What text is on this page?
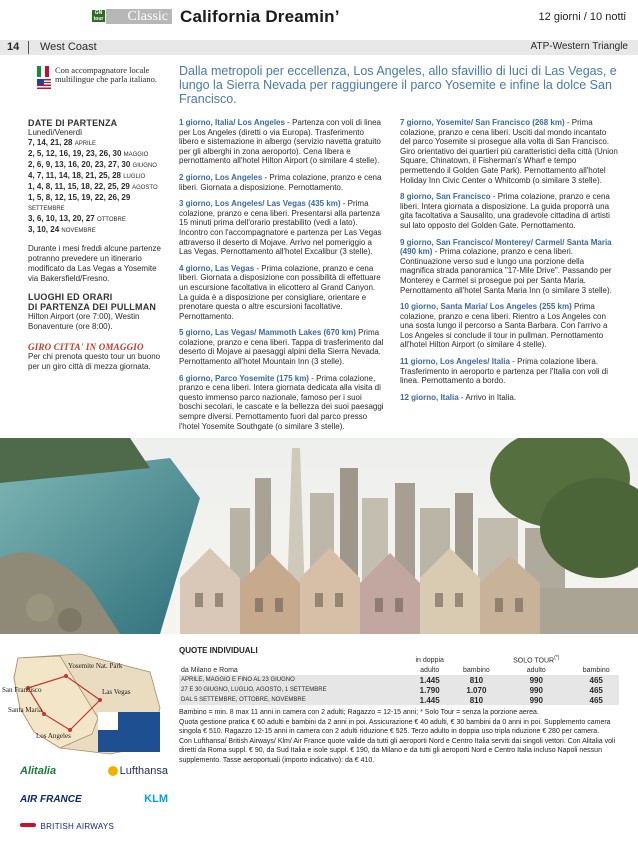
GN tour	Classic California Dreamin’	12 giorni / 10 notti
14 West Coast	ATP-Western Triangle
Con accompagnatore locale multilingue che parla italiano.
Dalla metropoli per eccellenza, Los Angeles, allo sfavillio di luci di Las Vegas, e lungo la Sierra Nevada per raggiungere il parco Yosemite e infine la dolce San Francisco.
DATE DI PARTENZA
Lunedì/Venerdì

7, 14, 21, 28 APRILE

2, 5, 12, 16, 19, 23, 26, 30 MAGGIO

2, 6, 9, 13, 16, 20, 23, 27, 30 GIUGNO

4, 7, 11, 14, 18, 21, 25, 28 LUGLIO

1, 4, 8, 11, 15, 18, 22, 25, 29 AGOSTO

1, 5, 8, 12, 15, 19, 22, 26, 29 SETTEMBRE

3, 6, 10, 13, 20, 27 OTTOBRE

3, 10, 24 NOVEMBRE

Durante i mesi freddi alcune partenze potranno prevedere un itinerario modificato da Las Vegas a Yosemite via Bakersfield/Fresno.
LUOGHI ED ORARI
DI PARTENZA DEI PULLMAN
Hilton Airport (ore 7:00), Westin Bonaventure (ore 8:00).
GIRO CITTA' IN OMAGGIO
Per chi prenota questo tour un buono per un giro città di mezza giornata.

1 giorno, Italia/ Los Angeles - Partenza con voli di linea per Los Angeles (diretti o via Europa). Trasferimento libero e sistemazione in albergo (servizio navetta gratuito per gli alberghi in zona aeroporto). Cena libera e pernottamento all'hotel Hilton Airport (o similare 4 stelle).

2 giorno, Los Angeles - Prima colazione, pranzo e cena liberi. Giornata a disposizione. Pernottamento.

3 giorno, Los Angeles/ Las Vegas (435 km) - Prima colazione, pranzo e cena liberi. Presentarsi alla partenza 15 minuti prima dell'orario prestabilito (vedi a lato). Incontro con l'accompagnatore e partenza per Las Vegas attraverso il deserto di Mojave. Arrivo nel pomeriggio a Las Vegas. Pernottamento all'hotel Excalibur (3 stelle).

4 giorno, Las Vegas - Prima colazione, pranzo e cena liberi. Giornata a disposizione con possibilità di effettuare un escursione facoltativa in elicottero al Grand Canyon. La guida è a disposizione per consigliare, orientare e prenotare questa o altre escursioni facoltative. Pernottamento.

5 giorno, Las Vegas/ Mammoth Lakes (670 km) Prima colazione, pranzo e cena liberi. Tappa di trasferimento dal deserto di Mojave ai paesaggi alpini della Sierra Nevada. Pernottamento all'hotel Mountain Inn (3 stelle).

6 giorno, Parco Yosemite (175 km) - Prima colazione, pranzo e cena liberi. Intera giornata dedicata alla visita di questo immenso parco nazionale, famoso per i suoi boschi secolari, le cascate e la bellezza dei suoi paesaggi sempre diversi. Pernottamento fuori dal parco presso l'hotel Yosemite Southgate (o similare 3 stelle).

7 giorno, Yosemite/ San Francisco (268 km) - Prima colazione, pranzo e cena liberi. Usciti dal mondo incantato del parco Yosemite si prosegue alla volta di San Francisco. Giro orientativo dei quartieri più caratteristici della città (Union Square, Chinatown, il Fisherman's Wharf e tempo permettendo il Golden Gate Park). Pernottamento all'hotel Holiday Inn Civic Center o Whitcomb (o similare 3 stelle).

8 giorno, San Francisco - Prima colazione, pranzo e cena liberi. Intera giornata a disposizione. La guida proporrà una gita facoltativa a Sausalito, una gradevole cittadina di artisti sul lato opposto del Golden Gate. Pernottamento.

9 giorno, San Francisco/ Monterey/ Carmel/ Santa Maria (490 km) - Prima colazione, pranzo e cena liberi. Continuazione verso sud e lungo una porzione della magnifica strada panoramica "17-Mile Drive". Passando per Monterey e Carmel si prosegue poi per Santa Maria. Pernottamento all'hotel Santa Maria Inn (o similare 3 stelle).

10 giorno, Santa Maria/ Los Angeles (255 km) Prima colazione, pranzo e cena liberi. Rientro a Los Angeles con una sosta lungo il percorso a Santa Barbara. Con l'arrivo a Los Angeles si conclude il tour in pullman. Pernottamento all'hotel Hilton Airport (o similare 4 stelle).

11 giorno, Los Angeles/ Italia - Prima colazione libera. Trasferimento in aeroporto e partenza per l'Italia con voli di linea. Pernottamento a bordo.

12 giorno, Italia - Arrivo in Italia.

San Francisco
Yosemite Nat. Park
Santa Maria
Las Vegas
Los Angeles
Alitalia	Lufthansa
AIR FRANCE	KLM
BRITISH AIRWAYS
QUOTE INDIVIDUALI
		in doppia		SOLO TOUR(*)	
da Milano e Roma		adulto	bambino	adulto	bambino
APRILE, MAGGIO E FINO AL 23 GIUGNO		1.445	810	990	465
27 E 30 GIUGNO, LUGLIO, AGOSTO, 1 SETTEMBRE		1.790	1.070	990	465
DAL 5 SETTEMBRE, OTTOBRE, NOVEMBRE		1.445	810	990	465
Bambino = min. 8 max 11 anni in camera con 2 adulti; Ragazzo = 12-15 anni; * Solo Tour = senza la porzione aerea.
Quota gestione pratica € 60 adulti e bambini da 2 anni in poi. Assicurazione € 40 adulti, € 30 bambini da 0 anni in poi. Supplemento camera singola € 510. Ragazzo 12-15 anni in camera con 2 adulti riduzione € 525. Terzo adulto in doppia uso tripla riduzione € 280 per camera.
Con Lufthansa/ British Airways/ Klm/ Air France quote valide da tutti gli aeroporti Nord e Centro Italia serviti dai singoli vettori. Con Alitalia voli diretti da Roma suppl. € 90, da Sud Italia e isole suppl. € 190, da Milano e da tutti gli aeroporti Nord e Centro Italia incluso Napoli nessun supplemento. Tasse aeroportuali (importo indicativo): da € 410.
